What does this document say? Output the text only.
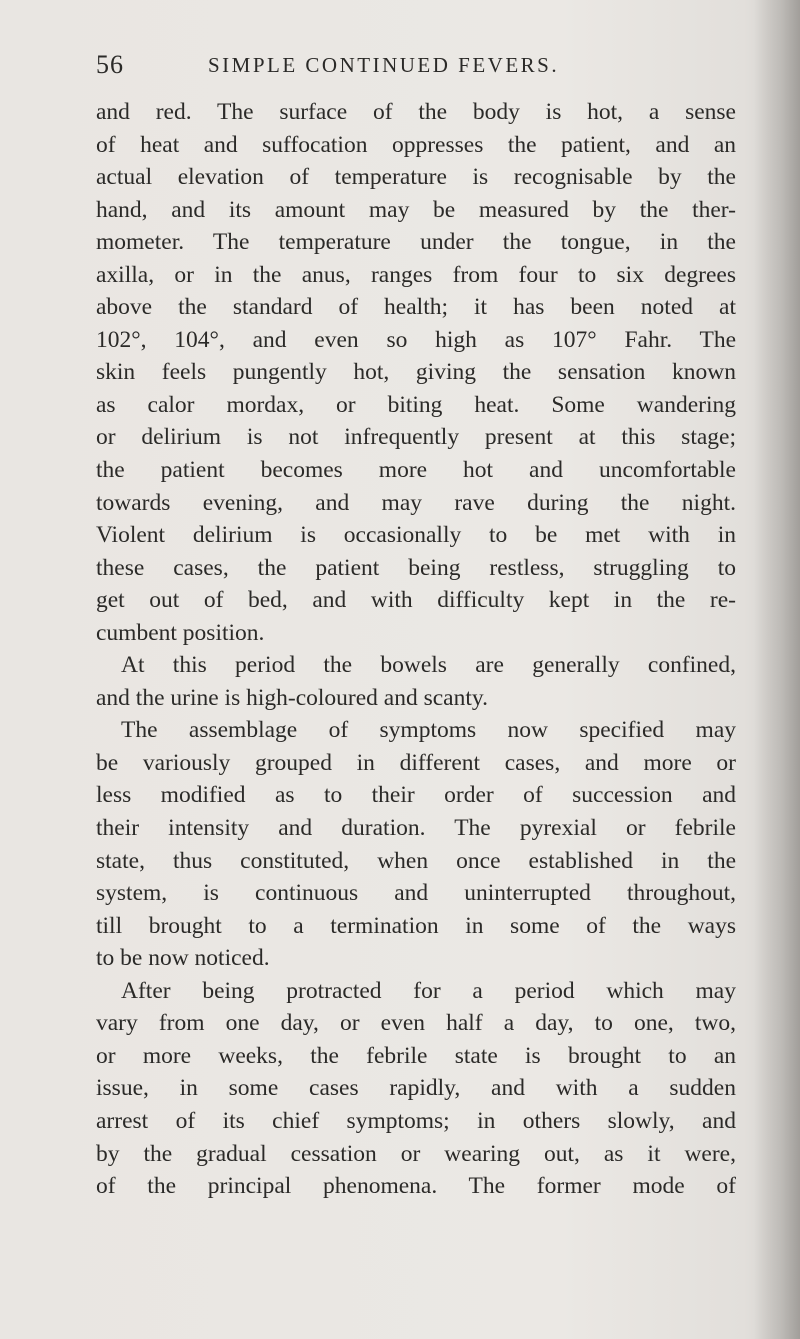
56	SIMPLE CONTINUED FEVERS.
and red. The surface of the body is hot, a sense
of heat and suffocation oppresses the patient, and an
actual elevation of temperature is recognisable by the
hand, and its amount may be measured by the ther-
mometer. The temperature under the tongue, in the
axilla, or in the anus, ranges from four to six degrees
above the standard of health; it has been noted at
102°, 104°, and even so high as 107° Fahr. The
skin feels pungently hot, giving the sensation known
as calor mordax, or biting heat. Some wandering
or delirium is not infrequently present at this stage;
the patient becomes more hot and uncomfortable
towards evening, and may rave during the night.
Violent delirium is occasionally to be met with in
these cases, the patient being restless, struggling to
get out of bed, and with difficulty kept in the re-
cumbent position.
At this period the bowels are generally confined,
and the urine is high-coloured and scanty.
The assemblage of symptoms now specified may
be variously grouped in different cases, and more or
less modified as to their order of succession and
their intensity and duration. The pyrexial or febrile
state, thus constituted, when once established in the
system, is continuous and uninterrupted throughout,
till brought to a termination in some of the ways
to be now noticed.
After being protracted for a period which may
vary from one day, or even half a day, to one, two,
or more weeks, the febrile state is brought to an
issue, in some cases rapidly, and with a sudden
arrest of its chief symptoms; in others slowly, and
by the gradual cessation or wearing out, as it were,
of the principal phenomena. The former mode of
